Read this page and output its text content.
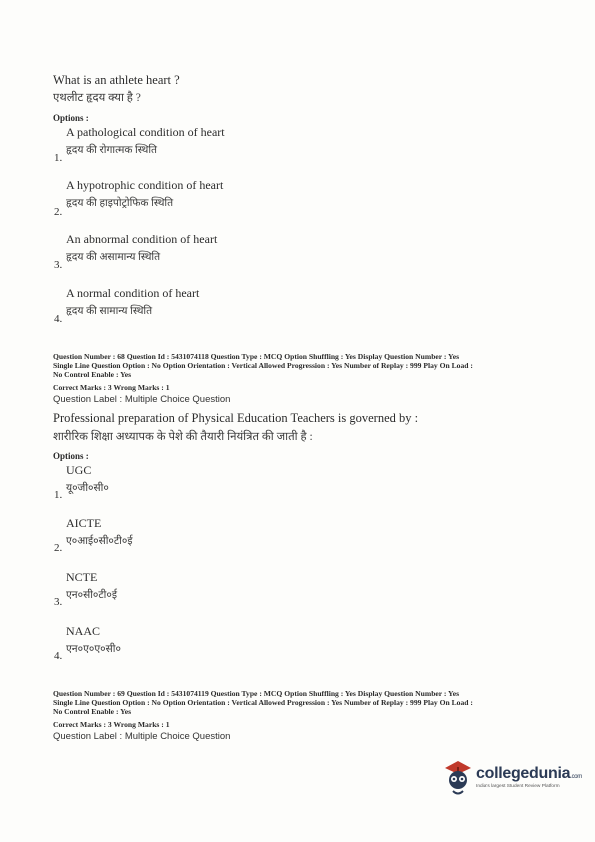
What is an athlete heart ?
एथलीट हृदय क्या है ?
Options :
A pathological condition of heart
हृदय की रोगात्मक स्थिति
1.
A hypotrophic condition of heart
हृदय की हाइपोट्रोफिक स्थिति
2.
An abnormal condition of heart
हृदय की असामान्य स्थिति
3.
A normal condition of heart
हृदय की सामान्य स्थिति
4.
Question Number : 68 Question Id : 5431074118 Question Type : MCQ Option Shuffling : Yes Display Question Number : Yes
Single Line Question Option : No Option Orientation : Vertical Allowed Progression : Yes Number of Replay : 999 Play On Load :
No Control Enable : Yes
Correct Marks : 3 Wrong Marks : 1
Question Label : Multiple Choice Question
Professional preparation of Physical Education Teachers is governed by :
शारीरिक शिक्षा अध्यापक के पेशे की तैयारी नियंत्रित की जाती है :
Options :
UGC
यू०जी०सी०
1.
AICTE
ए०आई०सी०टी०ई
2.
NCTE
एन०सी०टी०ई
3.
NAAC
एन०ए०ए०सी०
4.
Question Number : 69 Question Id : 5431074119 Question Type : MCQ Option Shuffling : Yes Display Question Number : Yes
Single Line Question Option : No Option Orientation : Vertical Allowed Progression : Yes Number of Replay : 999 Play On Load :
No Control Enable : Yes
Correct Marks : 3 Wrong Marks : 1
Question Label : Multiple Choice Question
collegedunia.com
India's largest Student Review Platform
